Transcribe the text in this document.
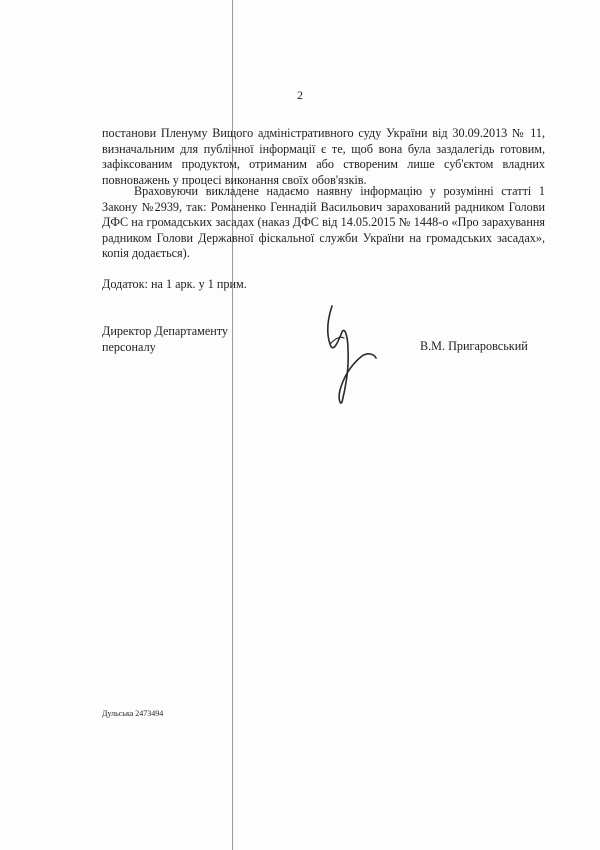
2
постанови Пленуму Вищого адміністративного суду України від 30.09.2013 № 11, визначальним для публічної інформації є те, щоб вона була заздалегідь готовим, зафіксованим продуктом, отриманим або створеним лише суб'єктом владних повноважень у процесі виконання своїх обов'язків.
Враховуючи викладене надаємо наявну інформацію у розумінні статті 1 Закону №2939, так: Романенко Геннадій Васильович зарахований радником Голови ДФС на громадських засадах (наказ ДФС від 14.05.2015 № 1448-о «Про зарахування радником Голови Державної фіскальної служби України на громадських засадах», копія додається).
Додаток: на 1 арк. у 1 прим.
Директор Департаменту
персоналу	В.М. Пригаровський
Дульська 2473494
